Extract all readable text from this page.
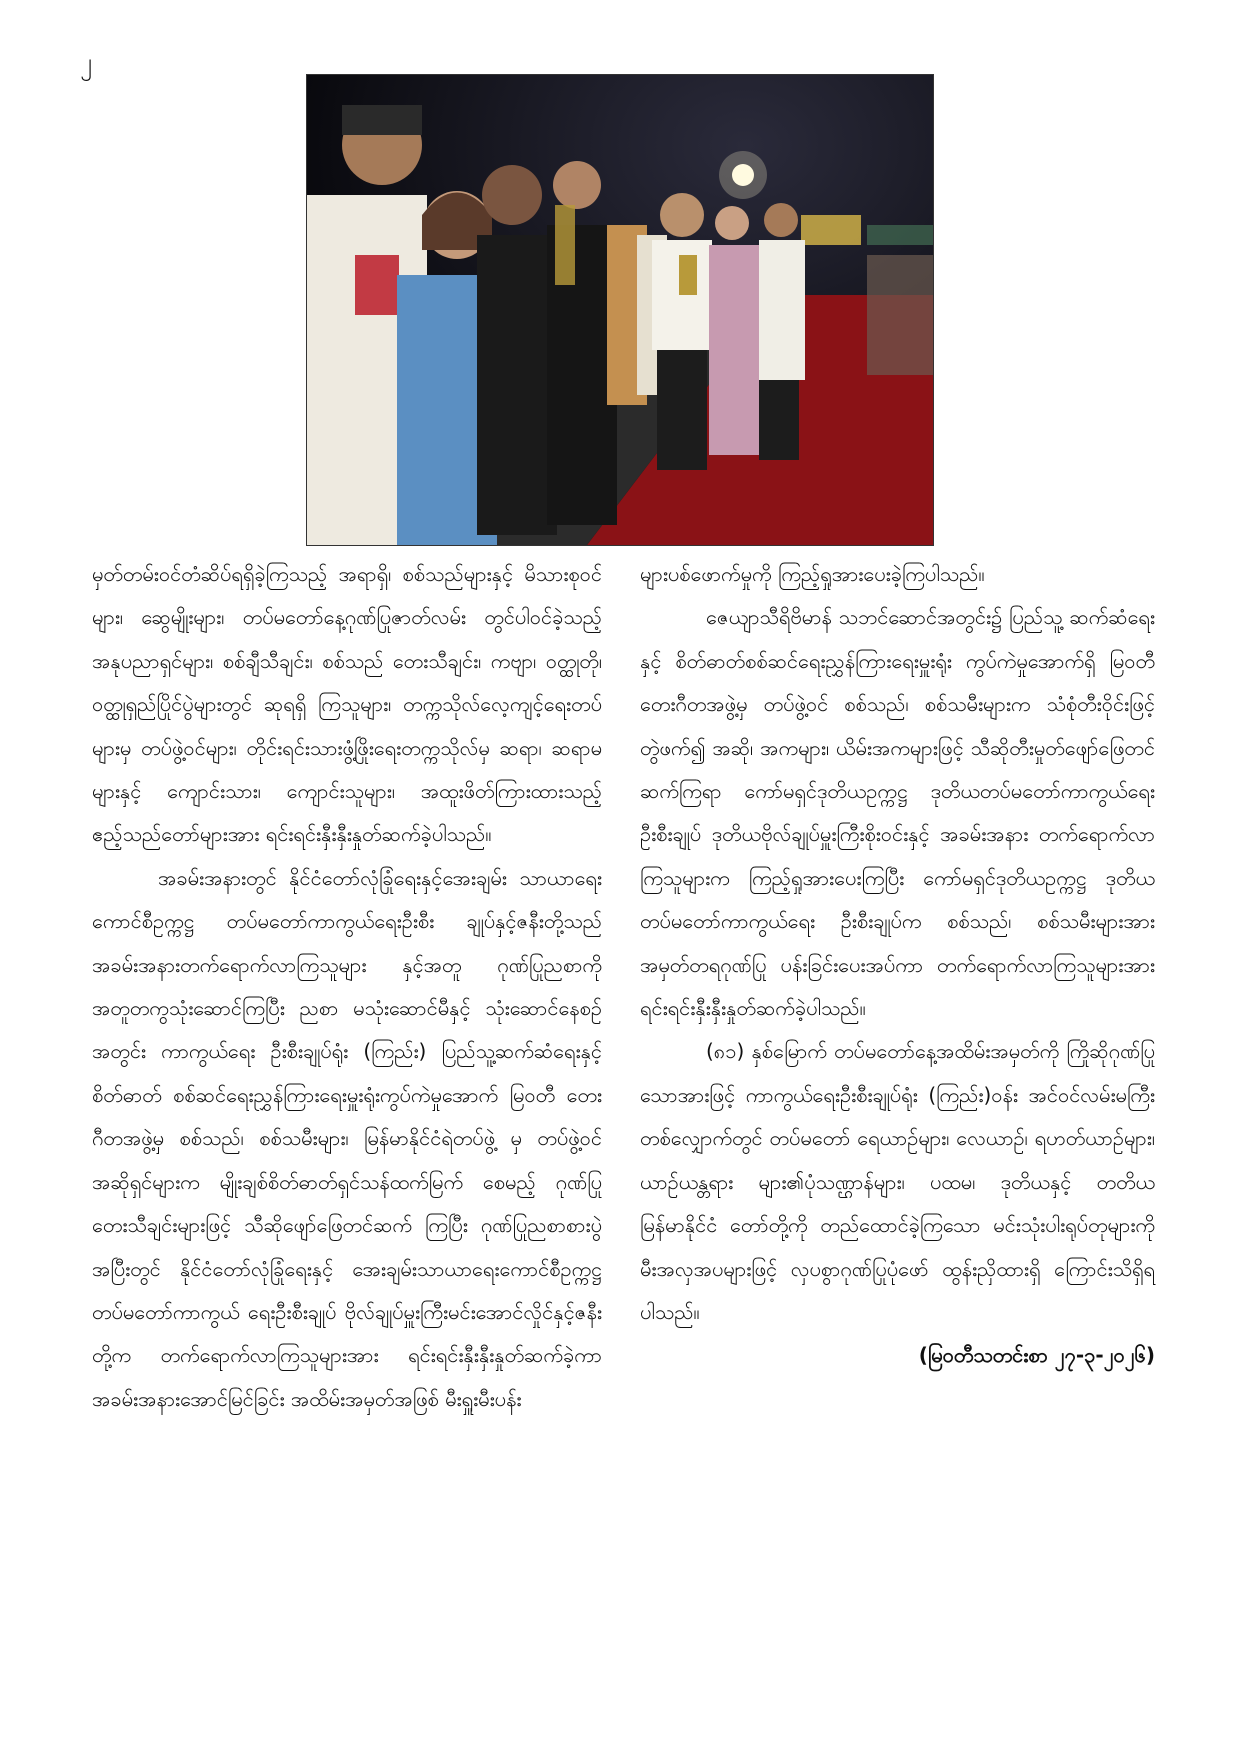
၂

မှတ်တမ်းဝင်တံဆိပ်ရရှိခဲ့ကြသည့် အရာရှိ၊ စစ်သည်များနှင့် မိသားစုဝင်များ၊ ဆွေမျိုးများ၊ တပ်မတော်နေ့ဂုဏ်ပြုဇာတ်လမ်း တွင်ပါဝင်ခဲ့သည့် အနုပညာရှင်များ၊ စစ်ချီသီချင်း၊ စစ်သည် တေးသီချင်း၊ ကဗျာ၊ ဝတ္ထုတို၊ ဝတ္ထုရှည်ပြိုင်ပွဲများတွင် ဆုရရှိ ကြသူများ၊ တက္ကသိုလ်လေ့ကျင့်ရေးတပ်များမှ တပ်ဖွဲ့ဝင်များ၊ တိုင်းရင်းသားဖွံ့ဖြိုးရေးတက္ကသိုလ်မှ ဆရာ၊ ဆရာမများနှင့် ကျောင်းသား၊ ကျောင်းသူများ၊ အထူးဖိတ်ကြားထားသည့် ဧည့်သည်တော်များအား ရင်းရင်းနှီးနှီးနှုတ်ဆက်ခဲ့ပါသည်။

အခမ်းအနားတွင် နိုင်ငံတော်လုံခြုံရေးနှင့်အေးချမ်း သာယာရေးကောင်စီဥက္ကဋ္ဌ တပ်မတော်ကာကွယ်ရေးဦးစီး ချုပ်နှင့်ဇနီးတို့သည် အခမ်းအနားတက်ရောက်လာကြသူများ နှင့်အတူ ဂုဏ်ပြုညစာကို အတူတကွသုံးဆောင်ကြပြီး ညစာ မသုံးဆောင်မီနှင့် သုံးဆောင်နေစဉ်အတွင်း ကာကွယ်ရေး ဦးစီးချုပ်ရုံး (ကြည်း) ပြည်သူ့ဆက်ဆံရေးနှင့် စိတ်ဓာတ် စစ်ဆင်ရေးညွှန်ကြားရေးမှူးရုံးကွပ်ကဲမှုအောက် မြဝတီ တေးဂီတအဖွဲ့မှ စစ်သည်၊ စစ်သမီးများ၊ မြန်မာနိုင်ငံရဲတပ်ဖွဲ့ မှ တပ်ဖွဲ့ဝင် အဆိုရှင်များက မျိုးချစ်စိတ်ဓာတ်ရှင်သန်ထက်မြက် စေမည့် ဂုဏ်ပြုတေးသီချင်းများဖြင့် သီဆိုဖျော်ဖြေတင်ဆက် ကြပြီး ဂုဏ်ပြုညစာစားပွဲအပြီးတွင် နိုင်ငံတော်လုံခြုံရေးနှင့် အေးချမ်းသာယာရေးကောင်စီဥက္ကဋ္ဌ တပ်မတော်ကာကွယ် ရေးဦးစီးချုပ် ဗိုလ်ချုပ်မှူးကြီးမင်းအောင်လှိုင်နှင့်ဇနီးတို့က တက်ရောက်လာကြသူများအား ရင်းရင်းနှီးနှီးနှုတ်ဆက်ခဲ့ကာ အခမ်းအနားအောင်မြင်ခြင်း အထိမ်းအမှတ်အဖြစ် မီးရှူးမီးပန်း

များပစ်ဖောက်မှုကို ကြည့်ရှုအားပေးခဲ့ကြပါသည်။

ဇေယျာသီရိဗိမာန် သဘင်ဆောင်အတွင်း၌ ပြည်သူ့ ဆက်ဆံရေးနှင့် စိတ်ဓာတ်စစ်ဆင်ရေးညွှန်ကြားရေးမှူးရုံး ကွပ်ကဲမှုအောက်ရှိ မြဝတီတေးဂီတအဖွဲ့မှ တပ်ဖွဲ့ဝင် စစ်သည်၊ စစ်သမီးများက သံစုံတီးဝိုင်းဖြင့်တွဲဖက်၍ အဆို၊ အကများ၊ ယိမ်းအကများဖြင့် သီဆိုတီးမှုတ်ဖျော်ဖြေတင်ဆက်ကြရာ ကော်မရှင်ဒုတိယဥက္ကဋ္ဌ ဒုတိယတပ်မတော်ကာကွယ်ရေး ဦးစီးချုပ် ဒုတိယဗိုလ်ချုပ်မှူးကြီးစိုးဝင်းနှင့် အခမ်းအနား တက်ရောက်လာကြသူများက ကြည့်ရှုအားပေးကြပြီး ကော်မရှင်ဒုတိယဥက္ကဋ္ဌ ဒုတိယတပ်မတော်ကာကွယ်ရေး ဦးစီးချုပ်က စစ်သည်၊ စစ်သမီးများအား အမှတ်တရဂုဏ်ပြု ပန်းခြင်းပေးအပ်ကာ တက်ရောက်လာကြသူများအား ရင်းရင်းနှီးနှီးနှုတ်ဆက်ခဲ့ပါသည်။

(၈၁) နှစ်မြောက် တပ်မတော်နေ့အထိမ်းအမှတ်ကို ကြိုဆိုဂုဏ်ပြုသောအားဖြင့် ကာကွယ်ရေးဦးစီးချုပ်ရုံး (ကြည်း)ဝန်း အင်ဝင်လမ်းမကြီးတစ်လျှောက်တွင် တပ်မတော် ရေယာဉ်များ၊ လေယာဉ်၊ ရဟတ်ယာဉ်များ၊ ယာဉ်ယန္တရား များ၏ပုံသဏ္ဌာန်များ၊ ပထမ၊ ဒုတိယနှင့် တတိယမြန်မာနိုင်ငံ တော်တို့ကို တည်ထောင်ခဲ့ကြသော မင်းသုံးပါးရုပ်တုများကို မီးအလှအပများဖြင့် လှပစွာဂုဏ်ပြုပုံဖော် ထွန်းညှိထားရှိ ကြောင်းသိရှိရပါသည်။

(မြဝတီသတင်းစာ ၂၇-၃-၂၀၂၆)
